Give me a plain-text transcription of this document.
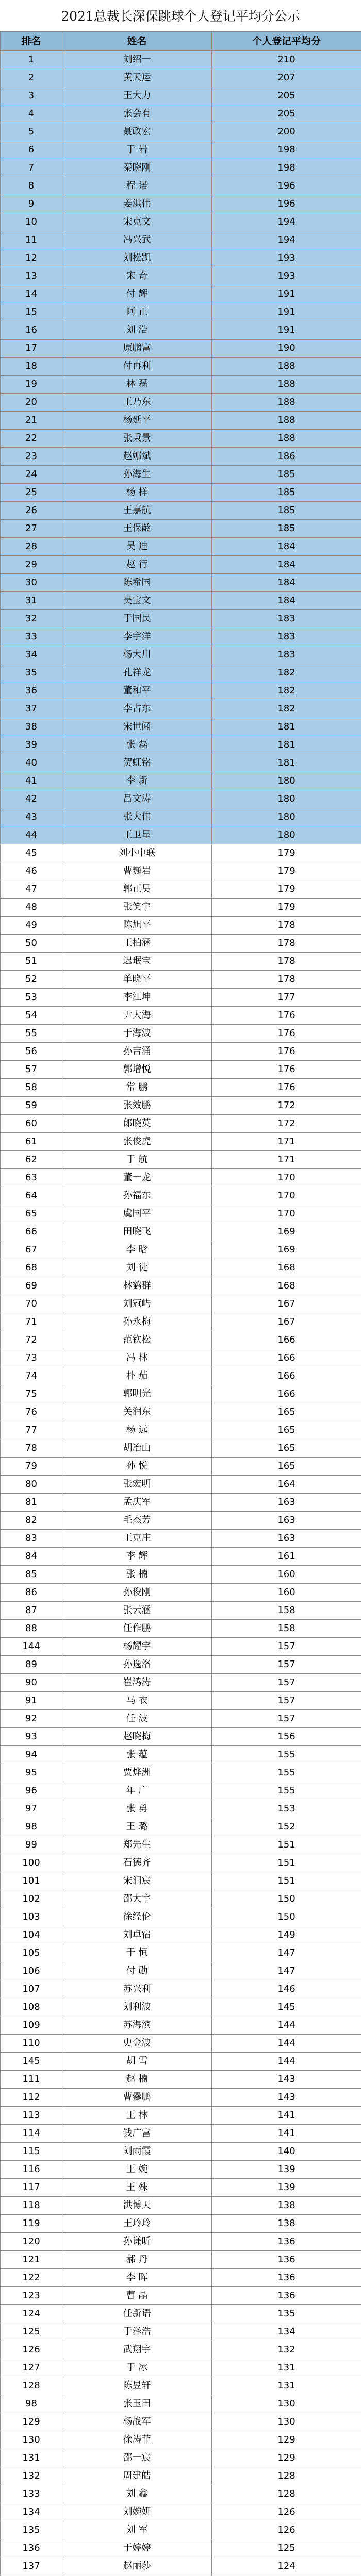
2021总裁长深保跳球个人登记平均分公示
排名	姓名	个人登记平均分
1	刘绍一	210
2	黄天运	207
3	王大力	205
4	张会有	205
5	聂政宏	200
6	于 岩	198
7	秦晓刚	198
8	程 诺	196
9	姜洪伟	196
10	宋克文	194
11	冯兴武	194
12	刘松凯	193
13	宋 奇	193
14	付 辉	191
15	阿 正	191
16	刘 浩	191
17	原鹏富	190
18	付再利	188
19	林 磊	188
20	王乃东	188
21	杨延平	188
22	张秉景	188
23	赵娜斌	186
24	孙海生	185
25	杨 样	185
26	王嘉航	185
27	王保龄	185
28	吴 迪	184
29	赵 行	184
30	陈希国	184
31	吴宝文	184
32	于国民	183
33	李宇洋	183
34	杨大川	183
35	孔祥龙	182
36	董和平	182
37	李占东	182
38	宋世闻	181
39	张 磊	181
40	贺虹铭	181
41	李 新	180
42	吕文涛	180
43	张大伟	180
44	王卫星	180
45	刘小中联	179
46	曹巍岩	179
47	郭正昊	179
48	张笑宇	179
49	陈旭平	178
50	王柏涵	178
51	迟珉宝	178
52	单晓平	178
53	李江坤	177
54	尹大海	176
55	于海波	176
56	孙吉涌	176
57	郭增悦	176
58	常 鹏	176
59	张效鹏	172
60	郎晓英	172
61	张俊虎	171
62	于 航	171
63	董一龙	170
64	孙福东	170
65	虞国平	170
66	田晓飞	169
67	李 晗	169
68	刘 徒	168
69	林鹤群	168
70	刘冠屿	167
71	孙永梅	167
72	范钦松	166
73	冯 林	166
74	朴 茄	166
75	郭明光	166
76	关润东	165
77	杨 远	165
78	胡冶山	165
79	孙 悦	165
80	张宏明	164
81	孟庆军	163
82	毛杰芳	163
83	王克庄	163
84	李 辉	161
85	张 楠	160
86	孙俊刚	160
87	张云涵	158
88	任作鹏	158
144	杨耀宇	157
89	孙逸洛	157
90	崔鸿涛	157
91	马 衣	157
92	任 波	157
93	赵晓梅	156
94	张 蕴	155
95	贾烨洲	155
96	年 广	155
97	张 勇	153
98	王 璐	152
99	郑先生	151
100	石德齐	151
101	宋润宸	151
102	邵大宇	150
103	徐经伦	150
104	刘卓宿	149
105	于 恒	147
106	付 勋	147
107	苏兴利	146
108	刘利波	145
109	苏海滨	144
110	史金波	144
145	胡 雪	144
111	赵 楠	143
112	曹爨鹏	143
113	王 林	141
114	钱广富	141
115	刘雨霞	140
116	王 婉	139
117	王 殊	139
118	洪博天	138
119	王玲玲	138
120	孙谦昕	136
121	郝 丹	136
122	李 晖	136
123	曹 晶	136
124	任新语	135
125	于泽浩	134
126	武翔宇	132
127	于 冰	131
128	陈昱轩	131
98	张玉田	130
129	杨战军	130
130	徐涛菲	129
131	邵一宸	129
132	周建皓	128
133	刘 鑫	128
134	刘婉妍	126
135	刘 军	126
136	于婷婷	125
137	赵丽莎	124
